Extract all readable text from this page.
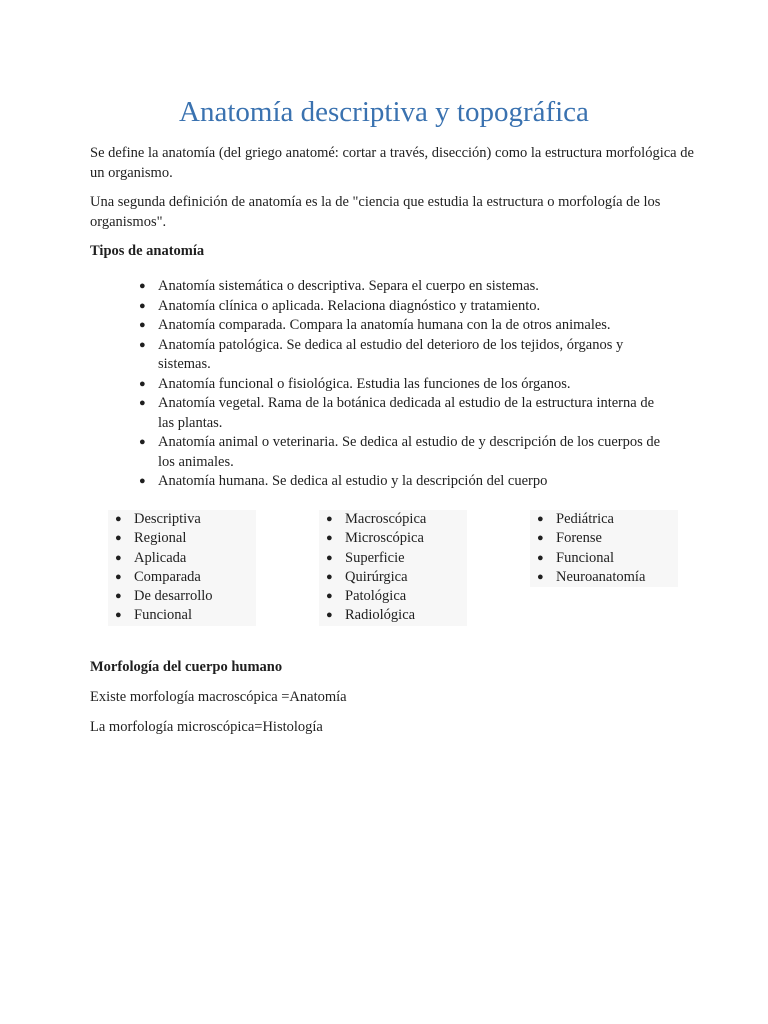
Anatomía descriptiva y topográfica

Se define la anatomía (del griego anatomé: cortar a través, disección) como la estructura morfológica de un organismo.

Una segunda definición de anatomía es la de "ciencia que estudia la estructura o morfología de los organismos".

Tipos de anatomía

● Anatomía sistemática o descriptiva. Separa el cuerpo en sistemas.
● Anatomía clínica o aplicada. Relaciona diagnóstico y tratamiento.
● Anatomía comparada. Compara la anatomía humana con la de otros animales.
● Anatomía patológica. Se dedica al estudio del deterioro de los tejidos, órganos y sistemas.
● Anatomía funcional o fisiológica. Estudia las funciones de los órganos.
● Anatomía vegetal. Rama de la botánica dedicada al estudio de la estructura interna de las plantas.
● Anatomía animal o veterinaria. Se dedica al estudio de y descripción de los cuerpos de los animales.
● Anatomía humana. Se dedica al estudio y la descripción del cuerpo
● Descriptiva
● Regional
● Aplicada
● Comparada
● De desarrollo
● Funcional
● Macroscópica
● Microscópica
● Superficie
● Quirúrgica
● Patológica
● Radiológica
● Pediátrica
● Forense
● Funcional
● Neuroanatomía

Morfología del cuerpo humano

Existe morfología macroscópica =Anatomía

La morfología microscópica=Histología
